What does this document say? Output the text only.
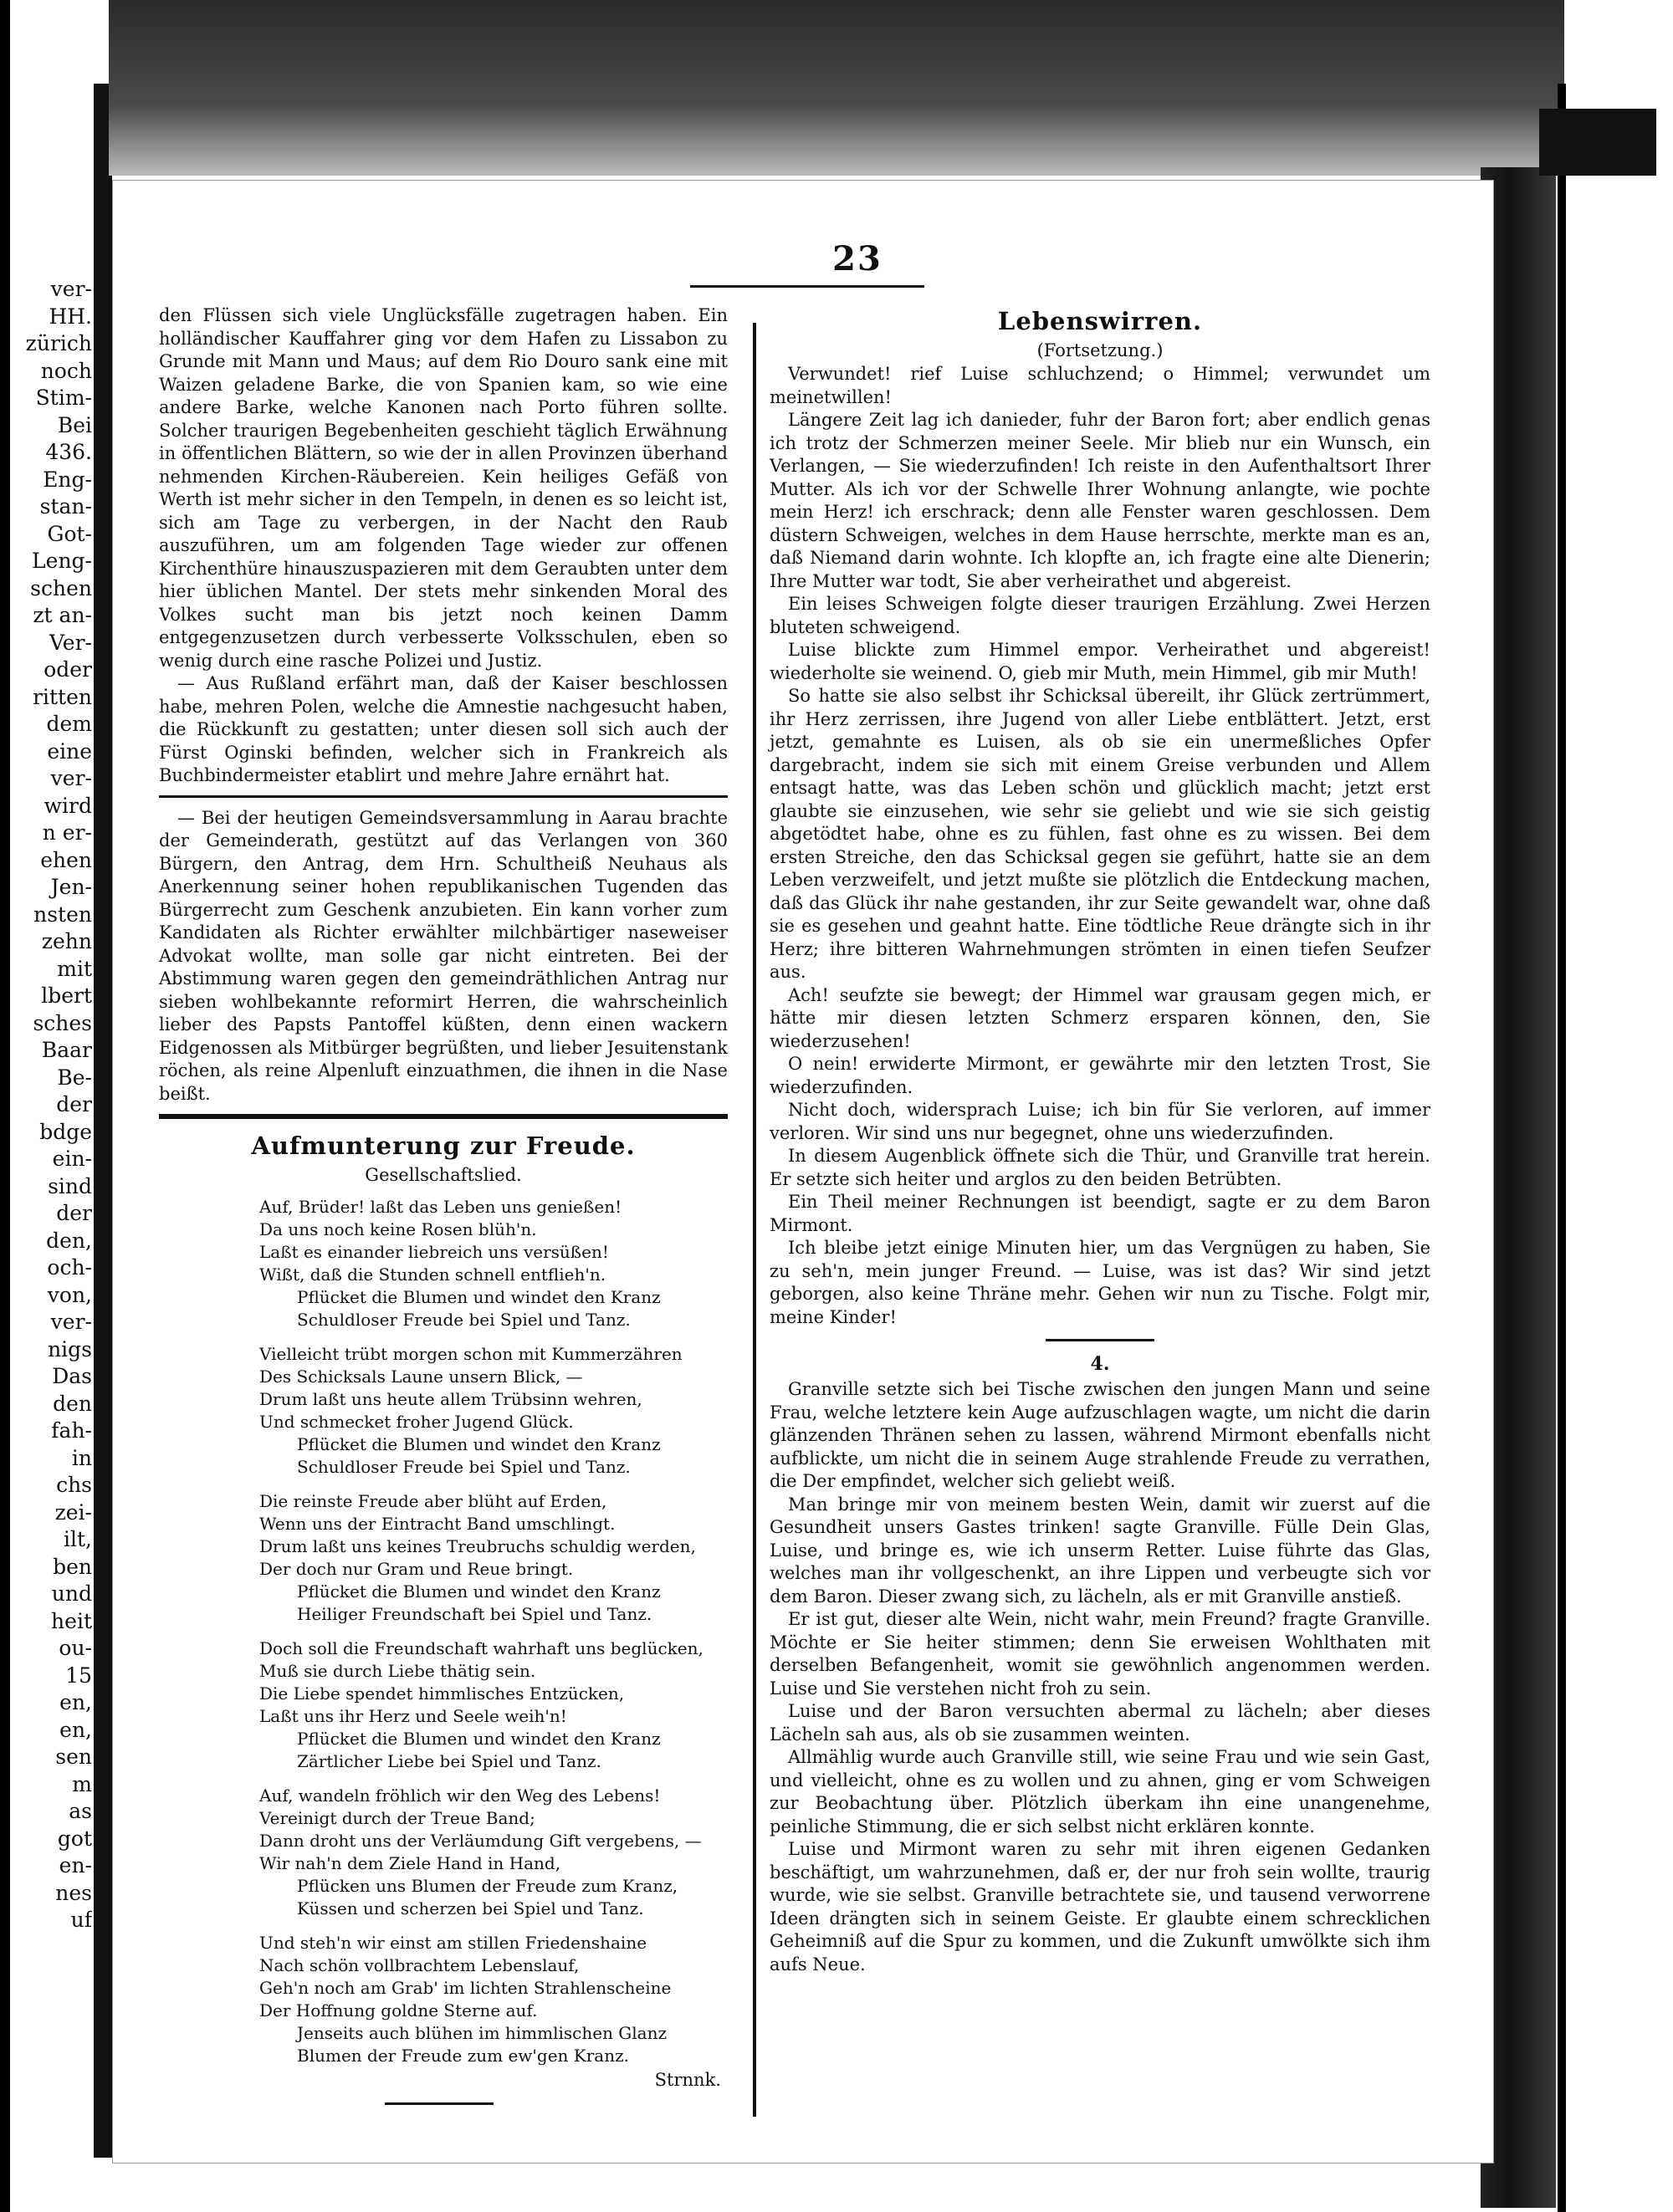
ver-
HH.
zürich
noch
Stim-
Bei
436.
Eng-
stan-
Got-
Leng-
schen
zt an-
Ver-
oder
ritten
dem
eine
ver-
wird
n er-
ehen
Jen-
nsten
zehn
mit
lbert
sches
Baar
Be-
der
bdge
ein-
sind
der
den,
och-
von,
ver-
nigs
Das
den
fah-
in
chs
zei-
ilt,
ben
und
heit
ou-
15
en,
en,
sen
m
as
got
en-
nes
uf
23

den Flüssen sich viele Unglücksfälle zugetragen haben. Ein holländischer Kauffahrer ging vor dem Hafen zu Lissabon zu Grunde mit Mann und Maus; auf dem Rio Douro sank eine mit Waizen geladene Barke, die von Spanien kam, so wie eine andere Barke, welche Kanonen nach Porto führen sollte. Solcher traurigen Begebenheiten geschieht täglich Erwähnung in öffentlichen Blättern, so wie der in allen Provinzen überhand nehmenden Kirchen-Räubereien. Kein heiliges Gefäß von Werth ist mehr sicher in den Tempeln, in denen es so leicht ist, sich am Tage zu verbergen, in der Nacht den Raub auszuführen, um am folgenden Tage wieder zur offenen Kirchenthüre hinauszuspazieren mit dem Geraubten unter dem hier üblichen Mantel. Der stets mehr sinkenden Moral des Volkes sucht man bis jetzt noch keinen Damm entgegenzusetzen durch verbesserte Volksschulen, eben so wenig durch eine rasche Polizei und Justiz.

— Aus Rußland erfährt man, daß der Kaiser beschlossen habe, mehren Polen, welche die Amnestie nachgesucht haben, die Rückkunft zu gestatten; unter diesen soll sich auch der Fürst Oginski befinden, welcher sich in Frankreich als Buchbindermeister etablirt und mehre Jahre ernährt hat.

— Bei der heutigen Gemeindsversammlung in Aarau brachte der Gemeinderath, gestützt auf das Verlangen von 360 Bürgern, den Antrag, dem Hrn. Schultheiß Neuhaus als Anerkennung seiner hohen republikanischen Tugenden das Bürgerrecht zum Geschenk anzubieten. Ein kann vorher zum Kandidaten als Richter erwählter milchbärtiger naseweiser Advokat wollte, man solle gar nicht eintreten. Bei der Abstimmung waren gegen den gemeindräthlichen Antrag nur sieben wohlbekannte reformirt Herren, die wahrscheinlich lieber des Papsts Pantoffel küßten, denn einen wackern Eidgenossen als Mitbürger begrüßten, und lieber Jesuitenstank röchen, als reine Alpenluft einzuathmen, die ihnen in die Nase beißt.

Aufmunterung zur Freude.
Gesellschaftslied.
Auf, Brüder! laßt das Leben uns genießen!
Da uns noch keine Rosen blüh'n.
Laßt es einander liebreich uns versüßen!
Wißt, daß die Stunden schnell entflieh'n.
Pflücket die Blumen und windet den Kranz
Schuldloser Freude bei Spiel und Tanz.
Vielleicht trübt morgen schon mit Kummerzähren
Des Schicksals Laune unsern Blick, —
Drum laßt uns heute allem Trübsinn wehren,
Und schmecket froher Jugend Glück.
Pflücket die Blumen und windet den Kranz
Schuldloser Freude bei Spiel und Tanz.
Die reinste Freude aber blüht auf Erden,
Wenn uns der Eintracht Band umschlingt.
Drum laßt uns keines Treubruchs schuldig werden,
Der doch nur Gram und Reue bringt.
Pflücket die Blumen und windet den Kranz
Heiliger Freundschaft bei Spiel und Tanz.
Doch soll die Freundschaft wahrhaft uns beglücken,
Muß sie durch Liebe thätig sein.
Die Liebe spendet himmlisches Entzücken,
Laßt uns ihr Herz und Seele weih'n!
Pflücket die Blumen und windet den Kranz
Zärtlicher Liebe bei Spiel und Tanz.
Auf, wandeln fröhlich wir den Weg des Lebens!
Vereinigt durch der Treue Band;
Dann droht uns der Verläumdung Gift vergebens, —
Wir nah'n dem Ziele Hand in Hand,
Pflücken uns Blumen der Freude zum Kranz,
Küssen und scherzen bei Spiel und Tanz.
Und steh'n wir einst am stillen Friedenshaine
Nach schön vollbrachtem Lebenslauf,
Geh'n noch am Grab' im lichten Strahlenscheine
Der Hoffnung goldne Sterne auf.
Jenseits auch blühen im himmlischen Glanz
Blumen der Freude zum ew'gen Kranz.
Strnnk.
Lebenswirren.
(Fortsetzung.)

Verwundet! rief Luise schluchzend; o Himmel; verwundet um meinetwillen!

Längere Zeit lag ich danieder, fuhr der Baron fort; aber endlich genas ich trotz der Schmerzen meiner Seele. Mir blieb nur ein Wunsch, ein Verlangen, — Sie wiederzufinden! Ich reiste in den Aufenthaltsort Ihrer Mutter. Als ich vor der Schwelle Ihrer Wohnung anlangte, wie pochte mein Herz! ich erschrack; denn alle Fenster waren geschlossen. Dem düstern Schweigen, welches in dem Hause herrschte, merkte man es an, daß Niemand darin wohnte. Ich klopfte an, ich fragte eine alte Dienerin; Ihre Mutter war todt, Sie aber verheirathet und abgereist.

Ein leises Schweigen folgte dieser traurigen Erzählung. Zwei Herzen bluteten schweigend.

Luise blickte zum Himmel empor. Verheirathet und abgereist! wiederholte sie weinend. O, gieb mir Muth, mein Himmel, gib mir Muth!

So hatte sie also selbst ihr Schicksal übereilt, ihr Glück zertrümmert, ihr Herz zerrissen, ihre Jugend von aller Liebe entblättert. Jetzt, erst jetzt, gemahnte es Luisen, als ob sie ein unermeßliches Opfer dargebracht, indem sie sich mit einem Greise verbunden und Allem entsagt hatte, was das Leben schön und glücklich macht; jetzt erst glaubte sie einzusehen, wie sehr sie geliebt und wie sie sich geistig abgetödtet habe, ohne es zu fühlen, fast ohne es zu wissen. Bei dem ersten Streiche, den das Schicksal gegen sie geführt, hatte sie an dem Leben verzweifelt, und jetzt mußte sie plötzlich die Entdeckung machen, daß das Glück ihr nahe gestanden, ihr zur Seite gewandelt war, ohne daß sie es gesehen und geahnt hatte. Eine tödtliche Reue drängte sich in ihr Herz; ihre bitteren Wahrnehmungen strömten in einen tiefen Seufzer aus.

Ach! seufzte sie bewegt; der Himmel war grausam gegen mich, er hätte mir diesen letzten Schmerz ersparen können, den, Sie wiederzusehen!

O nein! erwiderte Mirmont, er gewährte mir den letzten Trost, Sie wiederzufinden.

Nicht doch, widersprach Luise; ich bin für Sie verloren, auf immer verloren. Wir sind uns nur begegnet, ohne uns wiederzufinden.

In diesem Augenblick öffnete sich die Thür, und Granville trat herein. Er setzte sich heiter und arglos zu den beiden Betrübten.

Ein Theil meiner Rechnungen ist beendigt, sagte er zu dem Baron Mirmont.

Ich bleibe jetzt einige Minuten hier, um das Vergnügen zu haben, Sie zu seh'n, mein junger Freund. — Luise, was ist das? Wir sind jetzt geborgen, also keine Thräne mehr. Gehen wir nun zu Tische. Folgt mir, meine Kinder!

4.

Granville setzte sich bei Tische zwischen den jungen Mann und seine Frau, welche letztere kein Auge aufzuschlagen wagte, um nicht die darin glänzenden Thränen sehen zu lassen, während Mirmont ebenfalls nicht aufblickte, um nicht die in seinem Auge strahlende Freude zu verrathen, die Der empfindet, welcher sich geliebt weiß.

Man bringe mir von meinem besten Wein, damit wir zuerst auf die Gesundheit unsers Gastes trinken! sagte Granville. Fülle Dein Glas, Luise, und bringe es, wie ich unserm Retter. Luise führte das Glas, welches man ihr vollgeschenkt, an ihre Lippen und verbeugte sich vor dem Baron. Dieser zwang sich, zu lächeln, als er mit Granville anstieß.

Er ist gut, dieser alte Wein, nicht wahr, mein Freund? fragte Granville. Möchte er Sie heiter stimmen; denn Sie erweisen Wohlthaten mit derselben Befangenheit, womit sie gewöhnlich angenommen werden. Luise und Sie verstehen nicht froh zu sein.

Luise und der Baron versuchten abermal zu lächeln; aber dieses Lächeln sah aus, als ob sie zusammen weinten.

Allmählig wurde auch Granville still, wie seine Frau und wie sein Gast, und vielleicht, ohne es zu wollen und zu ahnen, ging er vom Schweigen zur Beobachtung über. Plötzlich überkam ihn eine unangenehme, peinliche Stimmung, die er sich selbst nicht erklären konnte.

Luise und Mirmont waren zu sehr mit ihren eigenen Gedanken beschäftigt, um wahrzunehmen, daß er, der nur froh sein wollte, traurig wurde, wie sie selbst. Granville betrachtete sie, und tausend verworrene Ideen drängten sich in seinem Geiste. Er glaubte einem schrecklichen Geheimniß auf die Spur zu kommen, und die Zukunft umwölkte sich ihm aufs Neue.
